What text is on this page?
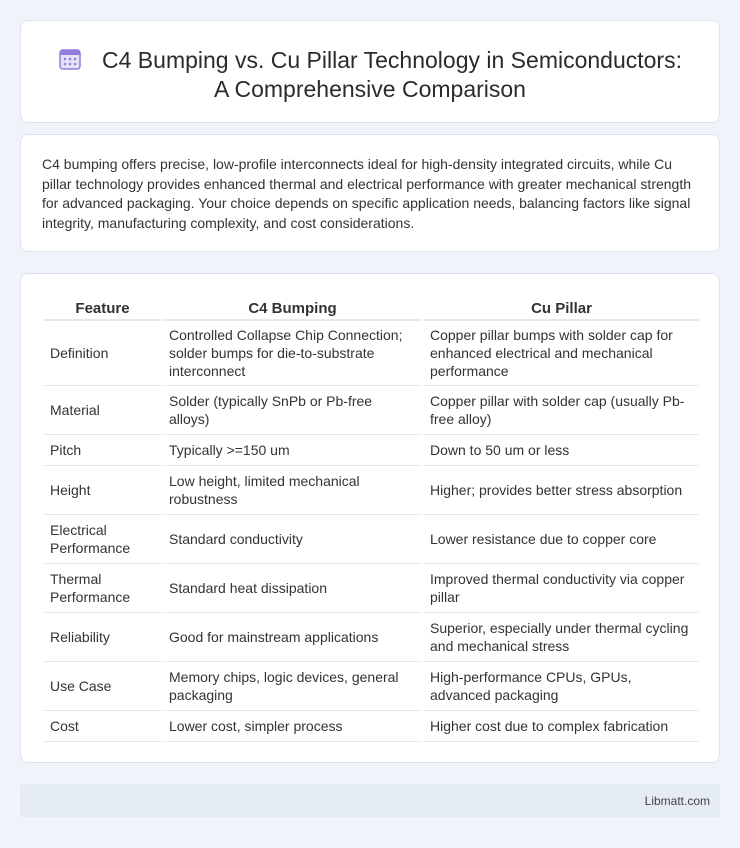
C4 Bumping vs. Cu Pillar Technology in Semiconductors:
A Comprehensive Comparison

C4 bumping offers precise, low-profile interconnects ideal for high-density integrated circuits, while Cu pillar technology provides enhanced thermal and electrical performance with greater mechanical strength for advanced packaging. Your choice depends on specific application needs, balancing factors like signal integrity, manufacturing complexity, and cost considerations.

Feature	C4 Bumping	Cu Pillar
Definition	Controlled Collapse Chip Connection; solder bumps for die-to-substrate interconnect	Copper pillar bumps with solder cap for enhanced electrical and mechanical performance
Material	Solder (typically SnPb or Pb-free alloys)	Copper pillar with solder cap (usually Pb-free alloy)
Pitch	Typically >=150 um	Down to 50 um or less
Height	Low height, limited mechanical robustness	Higher; provides better stress absorption
Electrical Performance	Standard conductivity	Lower resistance due to copper core
Thermal Performance	Standard heat dissipation	Improved thermal conductivity via copper pillar
Reliability	Good for mainstream applications	Superior, especially under thermal cycling and mechanical stress
Use Case	Memory chips, logic devices, general packaging	High-performance CPUs, GPUs, advanced packaging
Cost	Lower cost, simpler process	Higher cost due to complex fabrication
Libmatt.com
